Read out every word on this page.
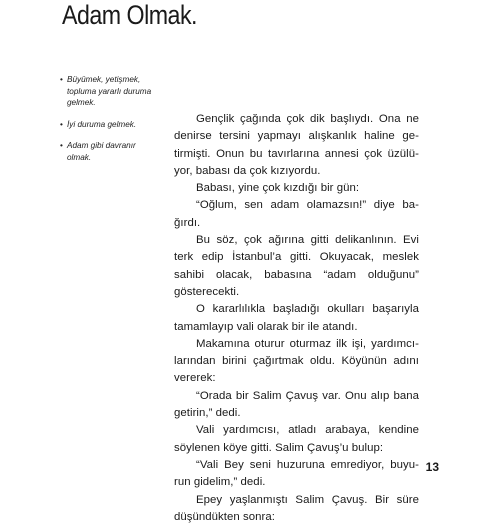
Adam Olmak.
• Büyümek, yetişmek,
topluma yararlı duruma
gelmek.
• İyi duruma gelmek.
• Adam gibi davranır
olmak.
Gençlik çağında çok dik başlıydı. Ona ne
denirse tersini yapmayı alışkanlık haline ge-
tirmişti. Onun bu tavırlarına annesi çok üzülü-
yor, babası da çok kızıyordu.
Babası, yine çok kızdığı bir gün:
“Oğlum, sen adam olamazsın!” diye ba-
ğırdı.
Bu söz, çok ağırına gitti delikanlının. Evi
terk edip İstanbul’a gitti. Okuyacak, meslek
sahibi olacak, babasına “adam olduğunu”
gösterecekti.
O kararlılıkla başladığı okulları başarıyla
tamamlayıp vali olarak bir ile atandı.
Makamına oturur oturmaz ilk işi, yardımcı-
larından birini çağırtmak oldu. Köyünün adını
vererek:
“Orada bir Salim Çavuş var. Onu alıp bana
getirin,” dedi.
Vali yardımcısı, atladı arabaya, kendine
söylenen köye gitti. Salim Çavuş’u bulup:
“Vali Bey seni huzuruna emrediyor, buyu-
run gidelim,” dedi.
Epey yaşlanmıştı Salim Çavuş. Bir süre
düşündükten sonra:
13
